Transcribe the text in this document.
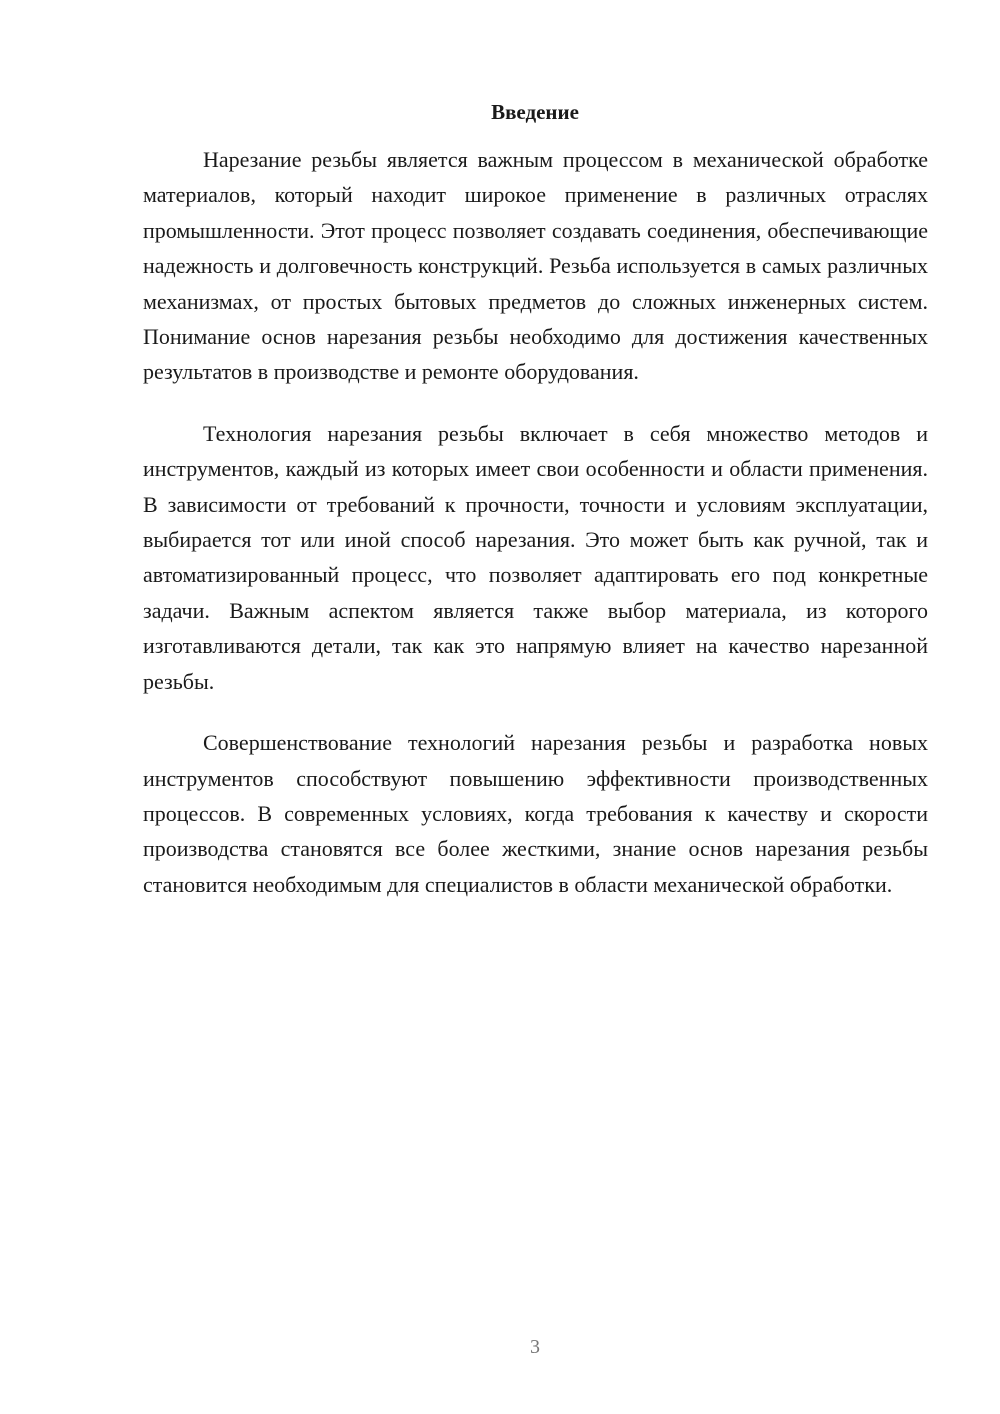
Введение

Нарезание резьбы является важным процессом в механической обработке материалов, который находит широкое применение в различных отраслях промышленности. Этот процесс позволяет создавать соединения, обеспечивающие надежность и долговечность конструкций. Резьба используется в самых различных механизмах, от простых бытовых предметов до сложных инженерных систем. Понимание основ нарезания резьбы необходимо для достижения качественных результатов в производстве и ремонте оборудования.

Технология нарезания резьбы включает в себя множество методов и инструментов, каждый из которых имеет свои особенности и области применения. В зависимости от требований к прочности, точности и условиям эксплуатации, выбирается тот или иной способ нарезания. Это может быть как ручной, так и автоматизированный процесс, что позволяет адаптировать его под конкретные задачи. Важным аспектом является также выбор материала, из которого изготавливаются детали, так как это напрямую влияет на качество нарезанной резьбы.

Совершенствование технологий нарезания резьбы и разработка новых инструментов способствуют повышению эффективности производственных процессов. В современных условиях, когда требования к качеству и скорости производства становятся все более жесткими, знание основ нарезания резьбы становится необходимым для специалистов в области механической обработки.

3
